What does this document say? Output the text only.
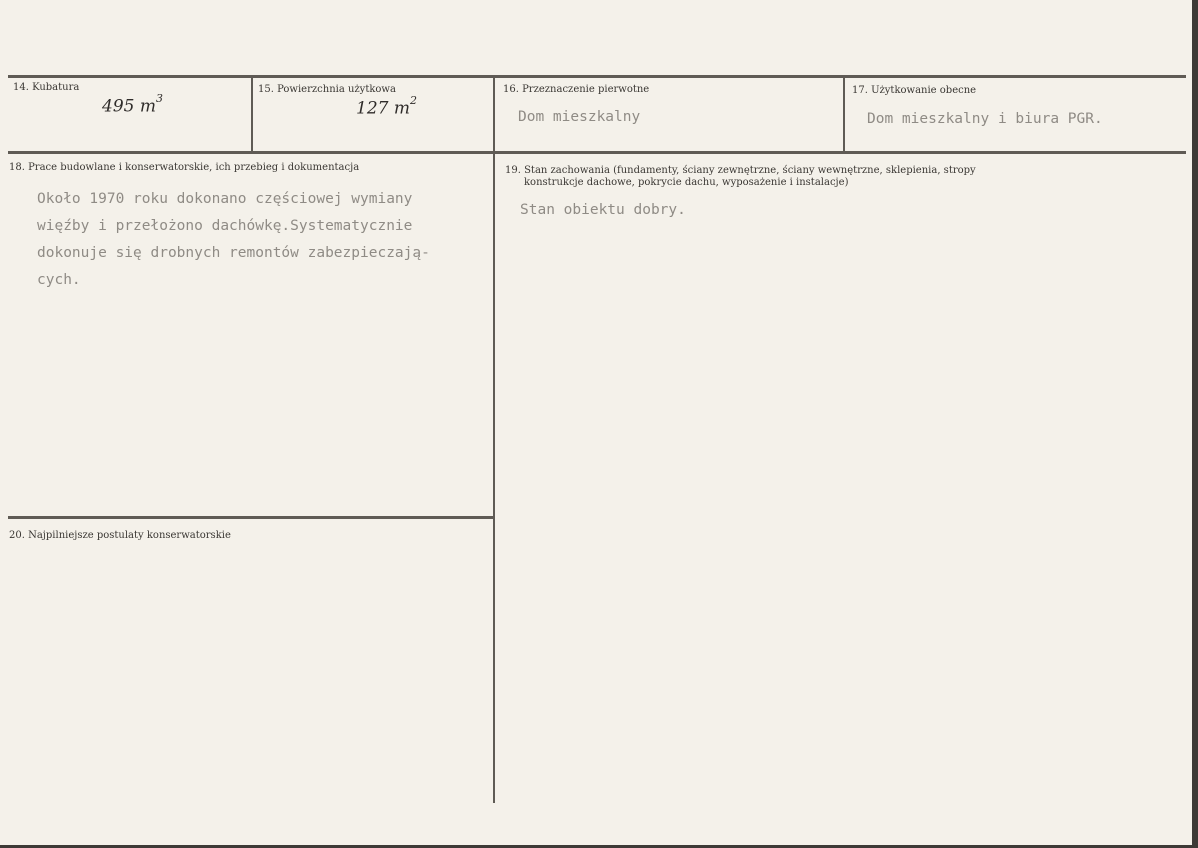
14. Kubatura
495 $m^3$
15. Powierzchnia użytkowa
127 $m^2$
16. Przeznaczenie pierwotne
Dom mieszkalny
17. Użytkowanie obecne
Dom mieszkalny i biura PGR.
18. Prace budowlane i konserwatorskie, ich przebieg i dokumentacja
Około 1970 roku dokonano częściowej wymiany
więźby i przełożono dachówkę.Systematycznie
dokonuje się drobnych remontów zabezpieczają-
cych.
19. Stan zachowania (fundamenty, ściany zewnętrzne, ściany wewnętrzne, sklepienia, stropy
konstrukcje dachowe, pokrycie dachu, wyposażenie i instalacje)
Stan obiektu dobry.
20. Najpilniejsze postulaty konserwatorskie
